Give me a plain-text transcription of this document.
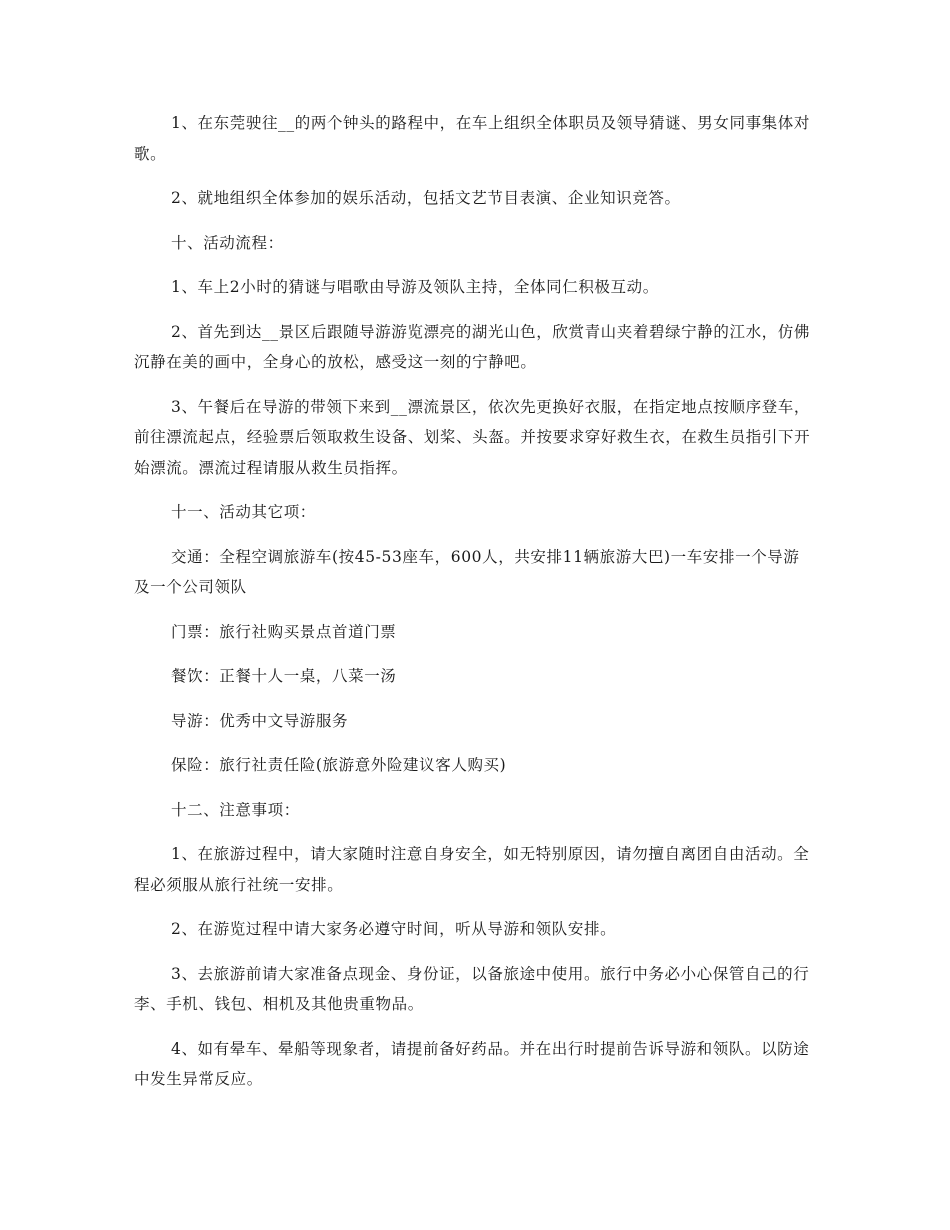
1、在东莞驶往__的两个钟头的路程中，在车上组织全体职员及领导猜谜、男女同事集体对歌。

2、就地组织全体参加的娱乐活动，包括文艺节目表演、企业知识竞答。

十、活动流程：

1、车上2小时的猜谜与唱歌由导游及领队主持，全体同仁积极互动。

2、首先到达__景区后跟随导游游览漂亮的湖光山色，欣赏青山夹着碧绿宁静的江水，仿佛沉静在美的画中，全身心的放松，感受这一刻的宁静吧。

3、午餐后在导游的带领下来到__漂流景区，依次先更换好衣服，在指定地点按顺序登车，前往漂流起点，经验票后领取救生设备、划桨、头盔。并按要求穿好救生衣，在救生员指引下开始漂流。漂流过程请服从救生员指挥。

十一、活动其它项：

交通：全程空调旅游车(按45-53座车，600人，共安排11辆旅游大巴)一车安排一个导游及一个公司领队

门票：旅行社购买景点首道门票

餐饮：正餐十人一桌，八菜一汤

导游：优秀中文导游服务

保险：旅行社责任险(旅游意外险建议客人购买)

十二、注意事项：

1、在旅游过程中，请大家随时注意自身安全，如无特别原因，请勿擅自离团自由活动。全程必须服从旅行社统一安排。

2、在游览过程中请大家务必遵守时间，听从导游和领队安排。

3、去旅游前请大家准备点现金、身份证，以备旅途中使用。旅行中务必小心保管自己的行李、手机、钱包、相机及其他贵重物品。

4、如有晕车、晕船等现象者，请提前备好药品。并在出行时提前告诉导游和领队。以防途中发生异常反应。
